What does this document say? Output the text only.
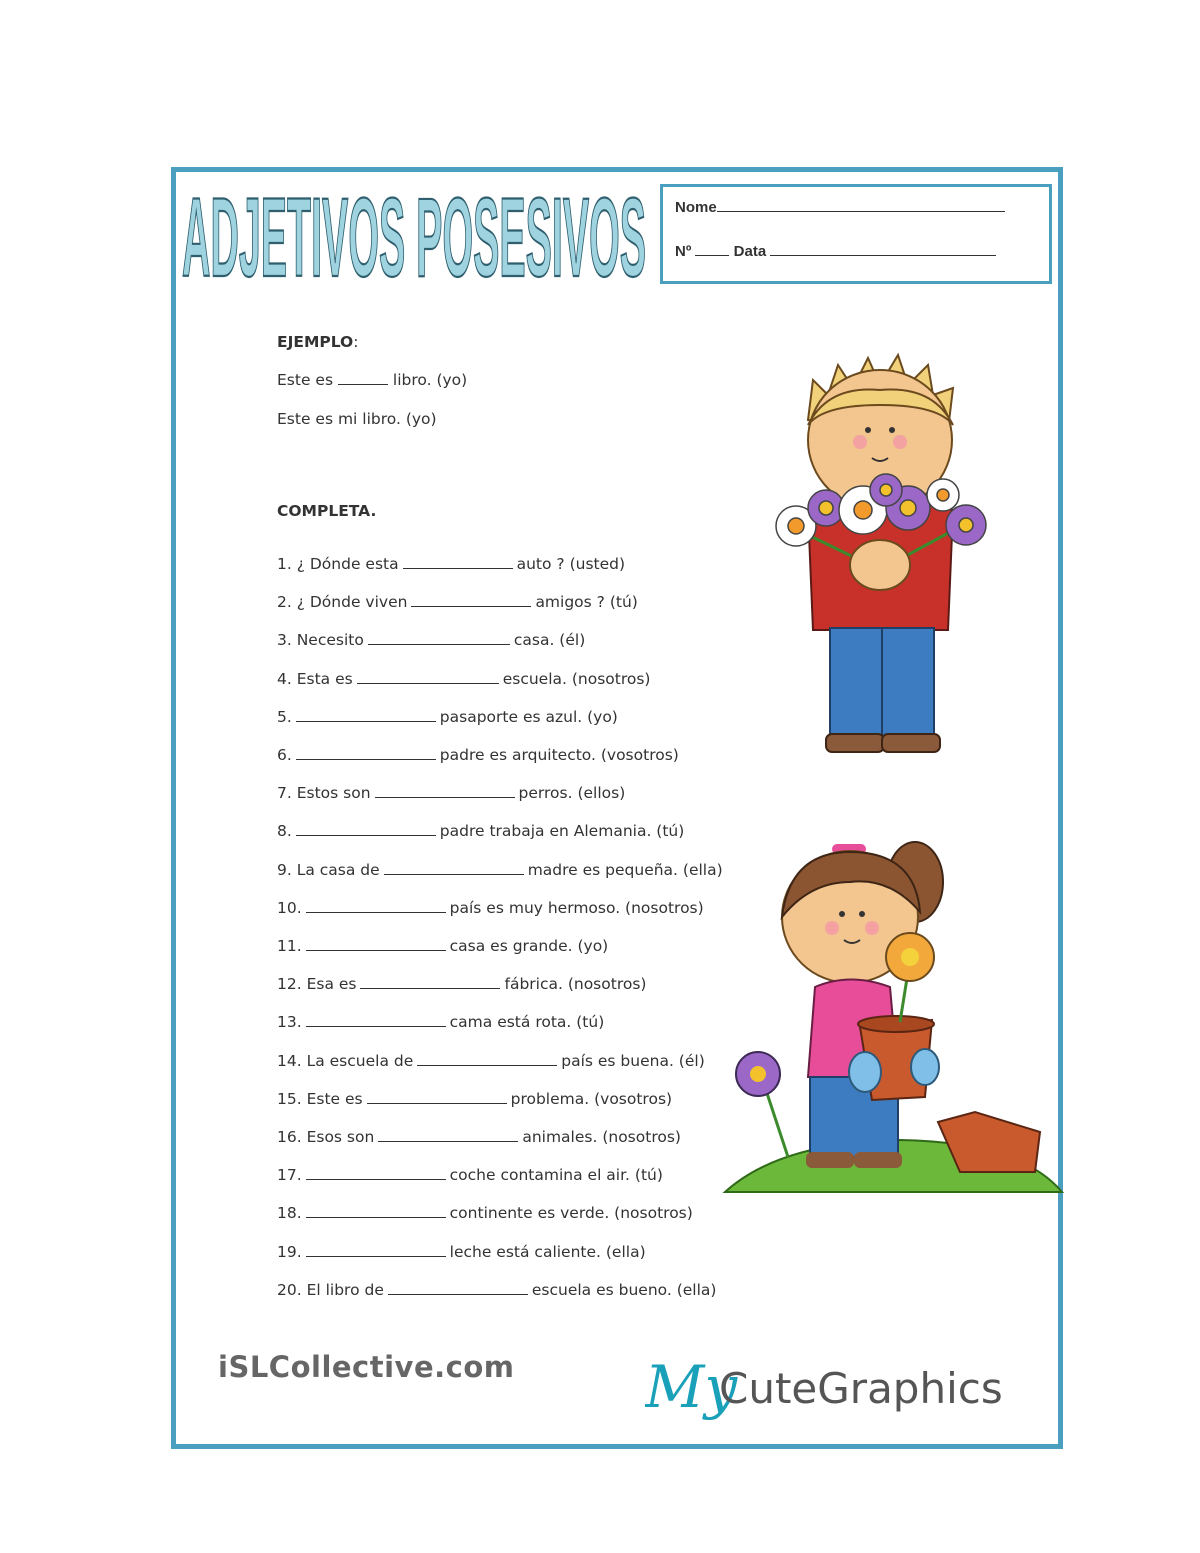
ADJETIVOS POSESIVOS Nome
Nº	Data
EJEMPLO:
Este es	libro. (yo)
Este es mi libro. (yo)
COMPLETA.
1. ¿ Dónde esta	auto ? (usted)
2. ¿ Dónde viven	amigos ? (tú)
3. Necesito	casa. (él)
4. Esta es	escuela. (nosotros)
5.	pasaporte es azul. (yo)
6.	padre es arquitecto. (vosotros)
7. Estos son	perros. (ellos)
8.	padre trabaja en Alemania. (tú)
9. La casa de	madre es pequeña. (ella)
10.	país es muy hermoso. (nosotros)
11.	casa es grande. (yo)
12. Esa es	fábrica. (nosotros)
13.	cama está rota. (tú)
14. La escuela de	país es buena. (él)
15. Este es	problema. (vosotros)
16. Esos son	animales. (nosotros)
17.	coche contamina el air. (tú)
18.	continente es verde. (nosotros)
19.	leche está caliente. (ella)
20. El libro de	escuela es bueno. (ella)
iSLCollective.com My
CuteGraphics
